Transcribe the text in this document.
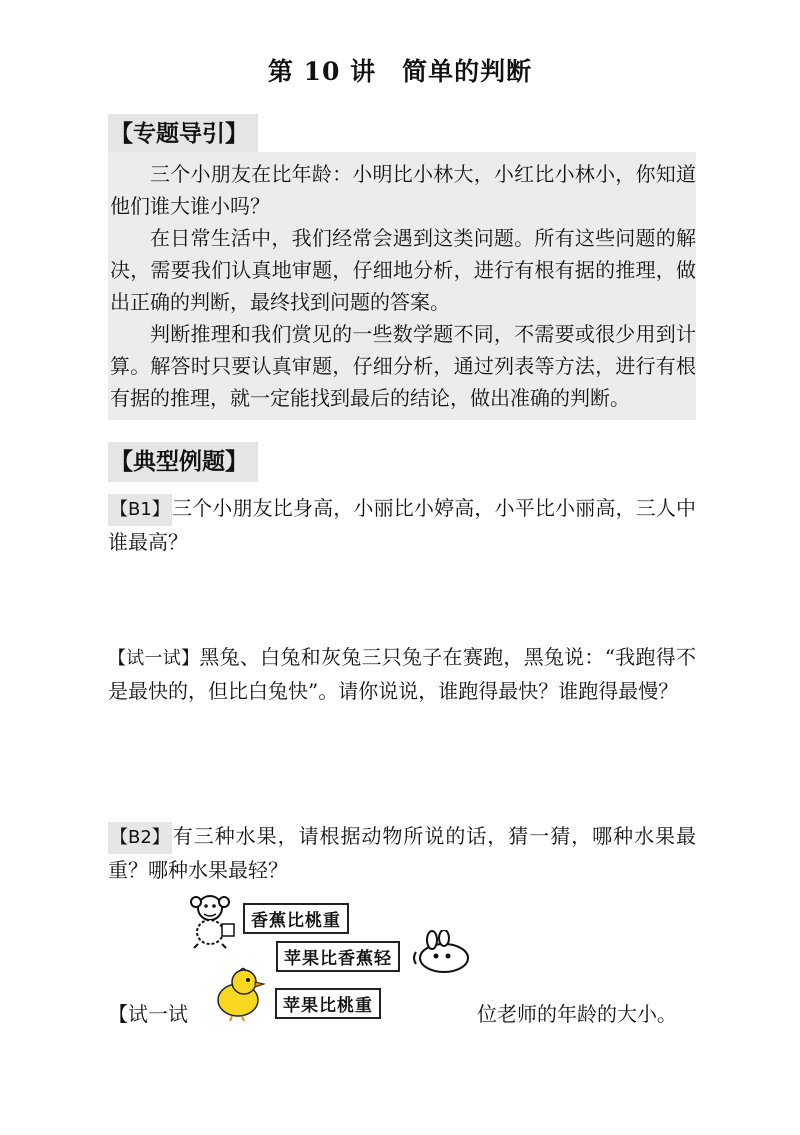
第 10 讲　简单的判断
【专题导引】

三个小朋友在比年龄：小明比小林大，小红比小林小，你知道他们谁大谁小吗？

在日常生活中，我们经常会遇到这类问题。所有这些问题的解决，需要我们认真地审题，仔细地分析，进行有根有据的推理，做出正确的判断，最终找到问题的答案。

判断推理和我们赏见的一些数学题不同，不需要或很少用到计算。解答时只要认真审题，仔细分析，通过列表等方法，进行有根有据的推理，就一定能找到最后的结论，做出准确的判断。

【典型例题】
【B1】 三个小朋友比身高，小丽比小婷高，小平比小丽高，三人中谁最高？
【试一试】黑兔、白兔和灰兔三只兔子在赛跑，黑兔说：“我跑得不是最快的，但比白兔快”。请你说说，谁跑得最快？谁跑得最慢？
【B2】 有三种水果，请根据动物所说的话，猜一猜，哪种水果最重？哪种水果最轻？
香蕉比桃重
苹果比香蕉轻
苹果比桃重
【试一试	位老师的年龄的大小。
